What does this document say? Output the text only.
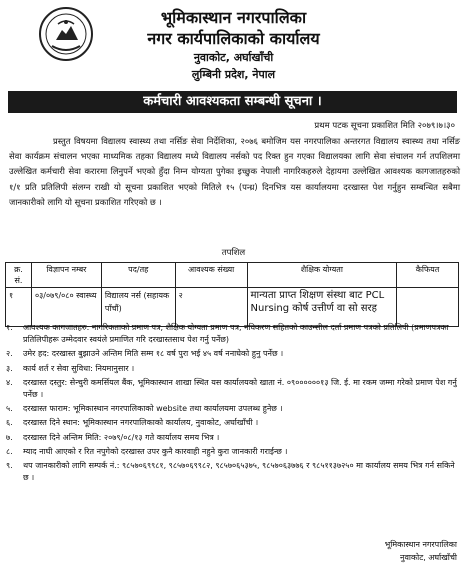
भूमिकास्थान नगरपालिका
नगर कार्यपालिकाको कार्यालय
नुवाकोट, अर्घाखाँची
लुम्बिनी प्रदेश, नेपाल
कर्मचारी आवश्यकता सम्बन्धी सूचना ।
प्रथम पटक सूचना प्रकाशित मिति २०७९।७।३०
प्रस्तुत विषयमा विद्यालय स्वास्थ्य तथा नर्सिङ सेवा निर्देशिका, २०७६ बमोजिम यस नगरपालिका अन्तरगत विद्यालय स्वास्थ्य तथा नर्सिङ सेवा कार्यक्रम संचालन भएका माध्यमिक तहका विद्यालय मध्ये विद्यालय नर्सको पद रिक्त हुन गएका विद्यालयका लागि सेवा संचालन गर्न तपशिलमा उल्लेखित कर्मचारी सेवा करारमा लिनुपर्ने भएको हुँदा निम्न योग्यता पुगेका इच्छुक नेपाली नागरिकहरुले देहायमा उल्लेखित आवश्यक कागजातहरुको १/१ प्रति प्रतिलिपी संलग्न राखी यो सूचना प्रकाशित भएको मितिले १५ (पन्ध्र) दिनभित्र यस कार्यालयमा दरखास्त पेश गर्नुहुन सम्बन्धित सबैमा जानकारीको लागि यो सूचना प्रकाशित गरिएको छ ।
तपशिल
क्र. सं.	विज्ञापन नम्बर	पद/तह	आवश्यक संख्या	शैक्षिक योग्यता	कैफियत
१	०३/०७९/०८० स्वास्थ्य	विद्यालय नर्स (सहायक पाँचौं)	२	मान्यता प्राप्त शिक्षण संस्था बाट PCL Nursing कोर्ष उत्तीर्ण वा सो सरह	
१. आवश्यक कागजातहरु: नागरिकताको प्रमाण पत्र, शैक्षिक योग्यता प्रमाण पत्र, नविकरण सहितको काउन्सील दर्ता प्रमाण पत्रको प्रतिलिपी (प्रमाणपत्रका प्रतिलिपीहरू उम्मेदवार स्वयंले प्रमाणित गरि दरखास्तसाथ पेश गर्नु पर्नेछ)
२. उमेर हद: दरखास्त बुझाउने अन्तिम मिति सम्म १८ वर्ष पुरा भई ४५ वर्ष ननाघेको हुनु पर्नेछ ।
३. कार्य शर्त र सेवा सुविधा: नियमानुसार ।
४. दरखास्त दस्तुर: सेन्चुरी कमर्सियल बैंक, भूमिकास्थान शाखा स्थित यस कार्यालयको खाता नं. ०९००००००१३ जि. ई. मा रकम जम्मा गरेको प्रमाण पेश गर्नु पर्नेछ ।
५. दरखास्त फाराम: भूमिकास्थान नगरपालिकाको website तथा कार्यालयमा उपलब्ध हुनेछ ।
६. दरखास्त दिने स्थान: भूमिकास्थान नगरपालिकाको कार्यालय, नुवाकोट, अर्घाखाँची ।
७. दरखास्त दिने अन्तिम मिति: २०७९/०८/१३ गते कार्यालय समय भित्र ।
८. म्याद नाघी आएको र रित नपुगेको दरखास्त उपर कुनै कारवाही नहुने कुरा जानकारी गराईन्छ ।
९. थप जानकारीको लागि सम्पर्क नं.: ९८५७०६९९८१, ९८५७०६९९८२, ९८५७०६५३७५, ९८५७०६३७७६ र ९८५११३७२५० मा कार्यालय समय भित्र गर्न सकिने छ ।
भूमिकास्थान नगरपालिका
नुवाकोट, अर्घाखाँची
